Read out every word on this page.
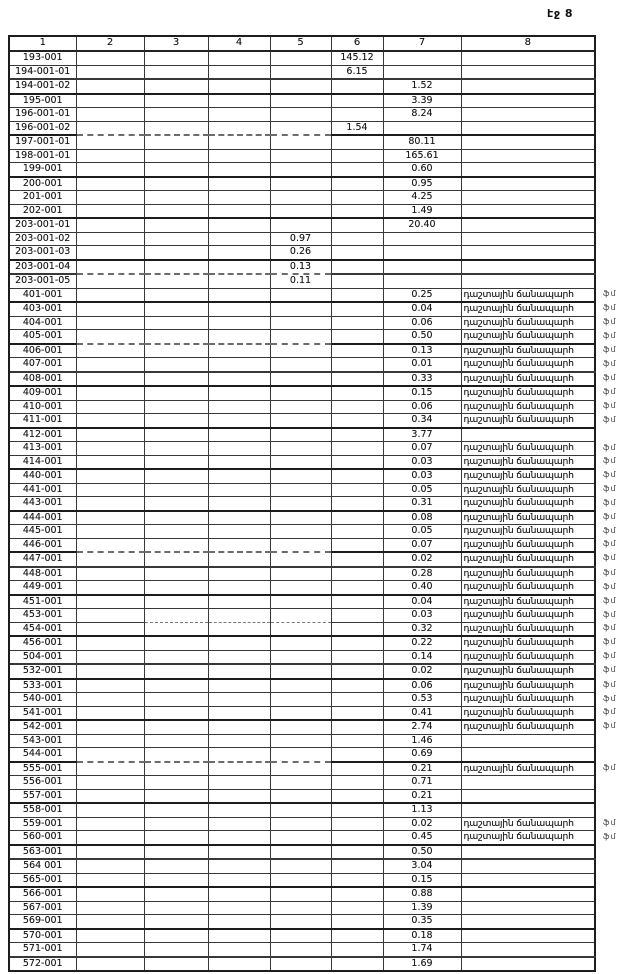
էջ 8
1	2	3	4	5	6	7	8
193-001					145.12		
194-001-01					6.15		
194-001-02						1.52	
195-001						3.39	
196-001-01						8.24	
196-001-02					1.54		
197-001-01						80.11	
198-001-01						165.61	
199-001						0.60	
200-001						0.95	
201-001						4.25	
202-001						1.49	
203-001-01						20.40	
203-001-02				0.97			
203-001-03				0.26			
203-001-04				0.13			
203-001-05				0.11			
401-001						0.25	դաշտային ճանապարհ
403-001						0.04	դաշտային ճանապարհ
404-001						0.06	դաշտային ճանապարհ
405-001						0.50	դաշտային ճանապարհ
406-001						0.13	դաշտային ճանապարհ
407-001						0.01	դաշտային ճանապարհ
408-001						0.33	դաշտային ճանապարհ
409-001						0.15	դաշտային ճանապարհ
410-001						0.06	դաշտային ճանապարհ
411-001						0.34	դաշտային ճանապարհ
412-001						3.77	
413-001						0.07	դաշտային ճանապարհ
414-001						0.03	դաշտային ճանապարհ
440-001						0.03	դաշտային ճանապարհ
441-001						0.05	դաշտային ճանապարհ
443-001						0.31	դաշտային ճանապարհ
444-001						0.08	դաշտային ճանապարհ
445-001						0.05	դաշտային ճանապարհ
446-001						0.07	դաշտային ճանապարհ
447-001						0.02	դաշտային ճանապարհ
448-001						0.28	դաշտային ճանապարհ
449-001						0.40	դաշտային ճանապարհ
451-001						0.04	դաշտային ճանապարհ
453-001						0.03	դաշտային ճանապարհ
454-001						0.32	դաշտային ճանապարհ
456-001						0.22	դաշտային ճանապարհ
504-001						0.14	դաշտային ճանապարհ
532-001						0.02	դաշտային ճանապարհ
533-001						0.06	դաշտային ճանապարհ
540-001						0.53	դաշտային ճանապարհ
541-001						0.41	դաշտային ճանապարհ
542-001						2.74	դաշտային ճանապարհ
543-001						1.46	
544-001						0.69	
555-001						0.21	դաշտային ճանապարհ
556-001						0.71	
557-001						0.21	
558-001						1.13	
559-001						0.02	դաշտային ճանապարհ
560-001						0.45	դաշտային ճանապարհ
563-001						0.50	
564 001						3.04	
565-001						0.15	
566-001						0.88	
567-001						1.39	
569-001						0.35	
570-001						0.18	
571-001						1.74	
572-001						1.69	
ֆմ
ֆմ
ֆմ
ֆմ
ֆմ
ֆմ
ֆմ
ֆմ
ֆմ
ֆմ
ֆմ
ֆմ
ֆմ
ֆմ
ֆմ
ֆմ
ֆմ
ֆմ
ֆմ
ֆմ
ֆմ
ֆմ
ֆմ
ֆմ
ֆմ
ֆմ
ֆմ
ֆմ
ֆմ
ֆմ
ֆմ
ֆմ
ֆմ
ֆմ
